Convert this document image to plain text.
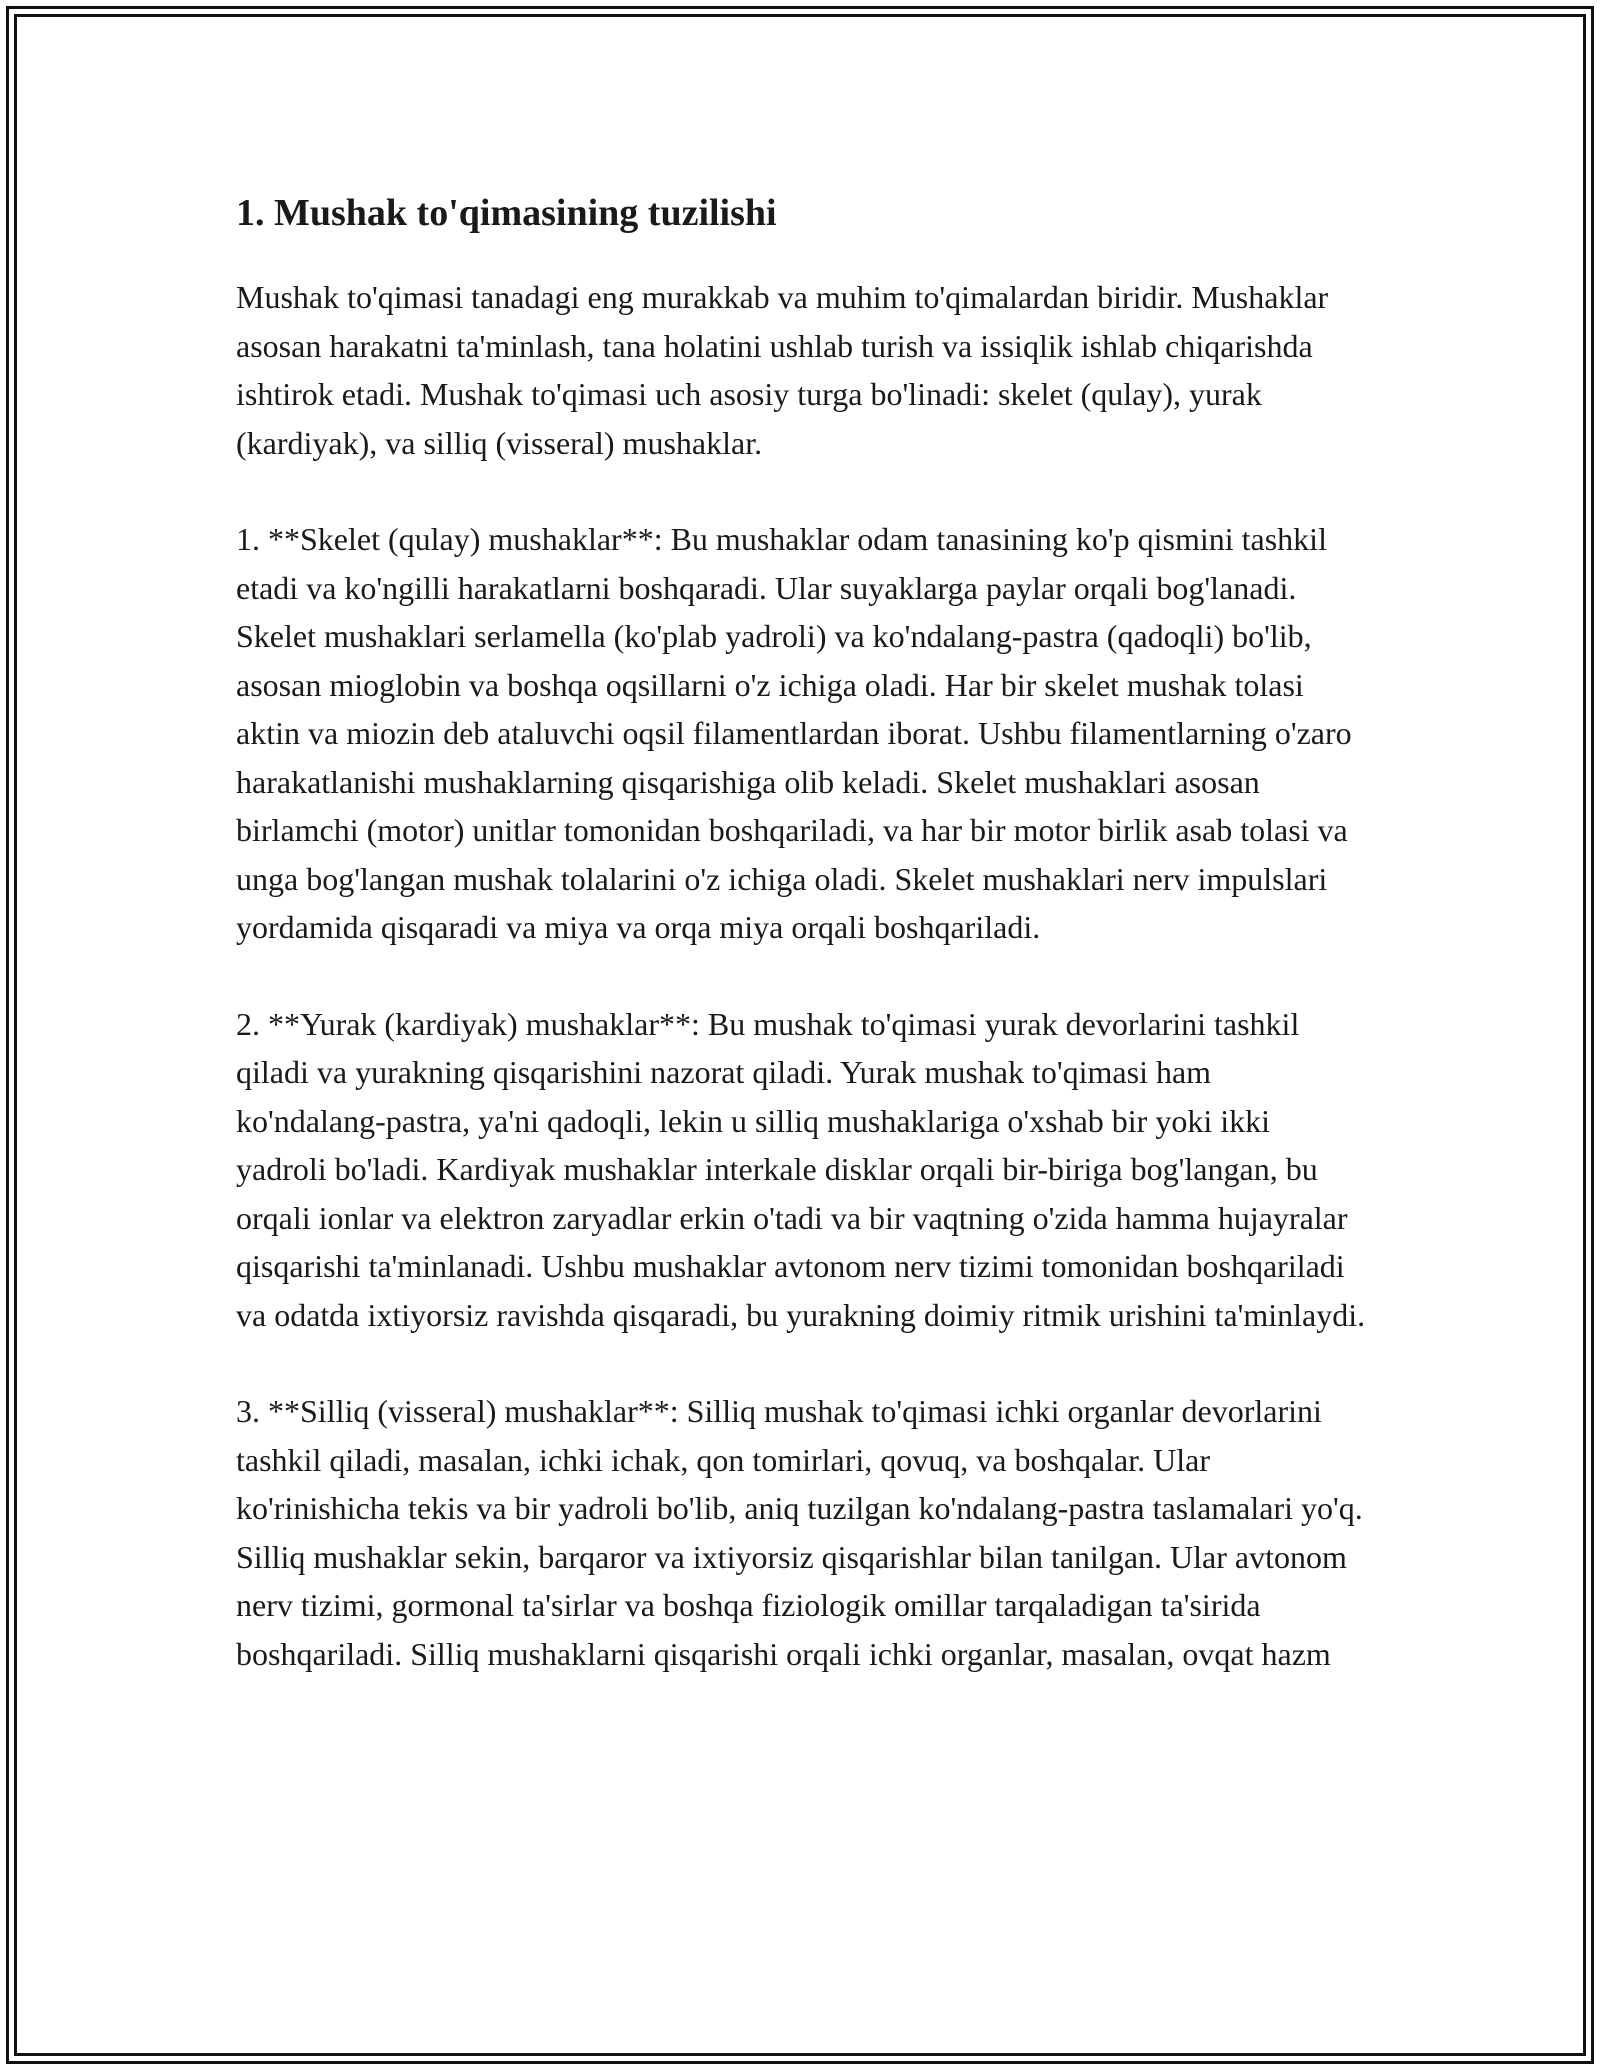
1. Mushak to'qimasining tuzilishi

Mushak to'qimasi tanadagi eng murakkab va muhim to'qimalardan biridir. Mushaklar asosan harakatni ta'minlash, tana holatini ushlab turish va issiqlik ishlab chiqarishda ishtirok etadi. Mushak to'qimasi uch asosiy turga bo'linadi: skelet (qulay), yurak (kardiyak), va silliq (visseral) mushaklar.

1. **Skelet (qulay) mushaklar**: Bu mushaklar odam tanasining ko'p qismini tashkil etadi va ko'ngilli harakatlarni boshqaradi. Ular suyaklarga paylar orqali bog'lanadi. Skelet mushaklari serlamella (ko'plab yadroli) va ko'ndalang-pastra (qadoqli) bo'lib, asosan mioglobin va boshqa oqsillarni o'z ichiga oladi. Har bir skelet mushak tolasi aktin va miozin deb ataluvchi oqsil filamentlardan iborat. Ushbu filamentlarning o'zaro harakatlanishi mushaklarning qisqarishiga olib keladi. Skelet mushaklari asosan birlamchi (motor) unitlar tomonidan boshqariladi, va har bir motor birlik asab tolasi va unga bog'langan mushak tolalarini o'z ichiga oladi. Skelet mushaklari nerv impulslari yordamida qisqaradi va miya va orqa miya orqali boshqariladi.

2. **Yurak (kardiyak) mushaklar**: Bu mushak to'qimasi yurak devorlarini tashkil qiladi va yurakning qisqarishini nazorat qiladi. Yurak mushak to'qimasi ham ko'ndalang-pastra, ya'ni qadoqli, lekin u silliq mushaklariga o'xshab bir yoki ikki yadroli bo'ladi. Kardiyak mushaklar interkale disklar orqali bir-biriga bog'langan, bu orqali ionlar va elektron zaryadlar erkin o'tadi va bir vaqtning o'zida hamma hujayralar qisqarishi ta'minlanadi. Ushbu mushaklar avtonom nerv tizimi tomonidan boshqariladi va odatda ixtiyorsiz ravishda qisqaradi, bu yurakning doimiy ritmik urishini ta'minlaydi.

3. **Silliq (visseral) mushaklar**: Silliq mushak to'qimasi ichki organlar devorlarini tashkil qiladi, masalan, ichki ichak, qon tomirlari, qovuq, va boshqalar. Ular ko'rinishicha tekis va bir yadroli bo'lib, aniq tuzilgan ko'ndalang-pastra taslamalari yo'q. Silliq mushaklar sekin, barqaror va ixtiyorsiz qisqarishlar bilan tanilgan. Ular avtonom nerv tizimi, gormonal ta'sirlar va boshqa fiziologik omillar tarqaladigan ta'sirida boshqariladi. Silliq mushaklarni qisqarishi orqali ichki organlar, masalan, ovqat hazm
